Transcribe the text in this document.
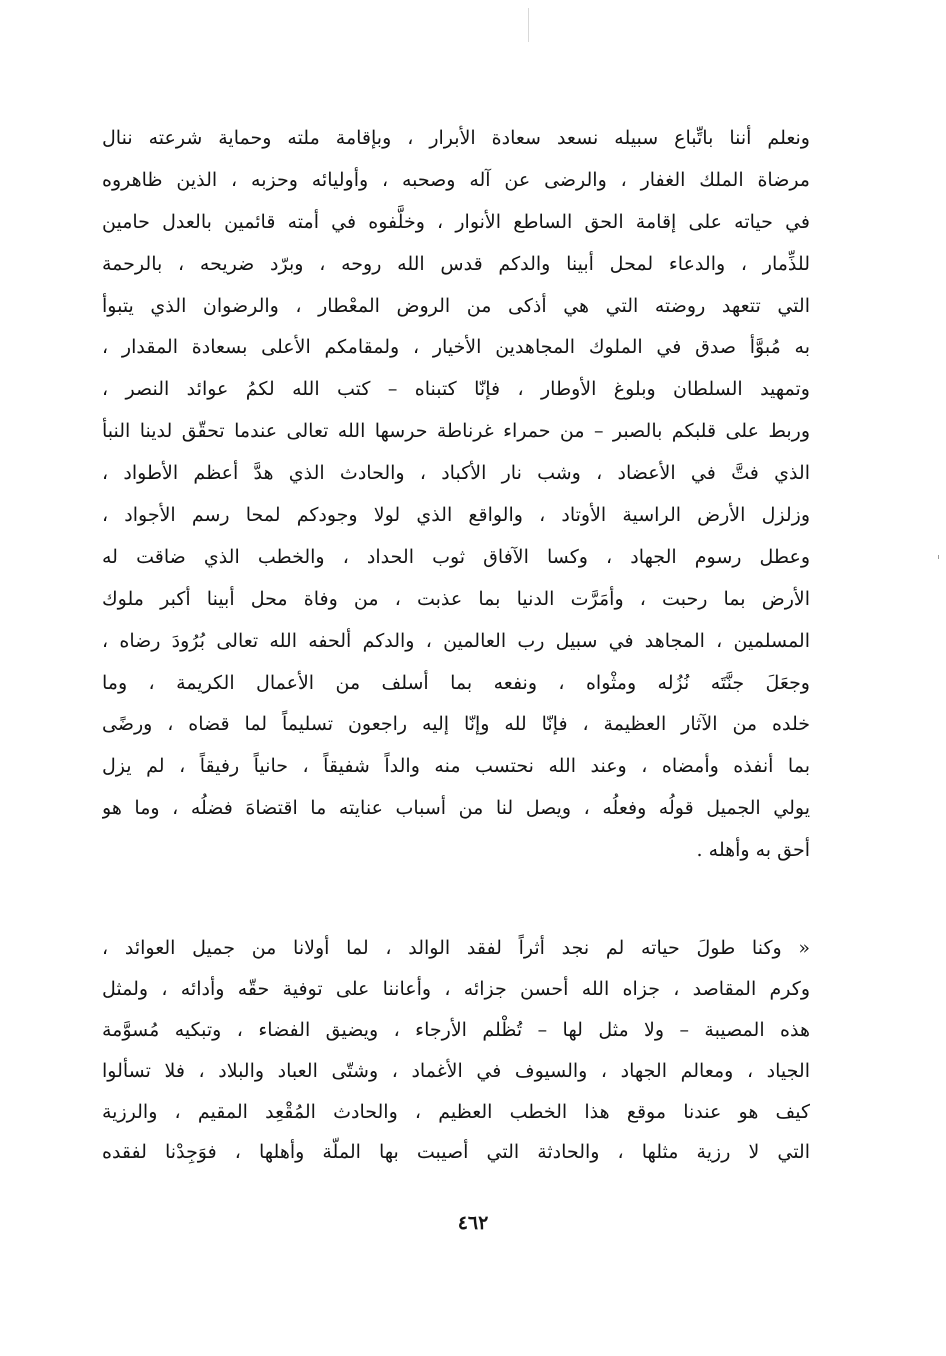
ونعلم أننا باتِّباع سبيله نسعد سعادة الأبرار ، وبإقامة ملته وحماية شرعته ننال
مرضاة الملك الغفار ، والرضى عن آله وصحبه ، وأوليائه وحزبه ، الذين ظاهروه
في حياته على إقامة الحق الساطع الأنوار ، وخلَّفوه في أمته قائمين بالعدل حامين
للذِّمار ، والدعاء لمحل أبينا والدكم قدس الله روحه ، وبرّد ضريحه ، بالرحمة
التي تتعهد روضته التي هي أذكى من الروض المعْطار ، والرضوان الذي يتبوأ
به مُبوَّأ صدق في الملوك المجاهدين الأخيار ، ولمقامكم الأعلى بسعادة المقدار ،
وتمهيد السلطان وبلوغ الأوطار ، فإنّا كتبناه – كتب الله لكمُ عوائد النصر ،
وربط على قلبكم بالصبر – من حمراء غرناطة حرسها الله تعالى عندما تحقّق لدينا النبأ
الذي فتَّ في الأعضاد ، وشب نار الأكباد ، والحادث الذي هدَّ أعظم الأطواد ،
وزلزل الأرض الراسية الأوتاد ، والواقع الذي لولا وجودكم لمحا رسم الأجواد ،
وعطل رسوم الجهاد ، وكسا الآفاق ثوب الحداد ، والخطب الذي ضاقت له
الأرض بما رحبت ، وأمَرَّت الدنيا بما عذبت ، من وفاة محل أبينا أكبر ملوك
المسلمين ، المجاهد في سبيل رب العالمين ، والدكم ألحفه الله تعالى بُرُودَ رضاه ،
وجعَلَ جنَّتَه نُزُله ومثْواه ، ونفعه بما أسلف من الأعمال الكريمة ، وما
خلده من الآثار العظيمة ، فإنّا لله وإنّا إليه راجعون تسليماً لما قضاه ، ورضًى
بما أنفذه وأمضاه ، وعند الله نحتسب منه والداً شفيقاً ، حانياً رفيقاً ، لم يزل
يولي الجميل قولُه وفعلُه ، ويصل لنا من أسباب عنايته ما اقتضاهَ فضلُه ، وما هو
أحق به وأهله .
« وكنا طولَ حياته لم نجد أثراً لفقد الوالد ، لما أولانا من جميل العوائد ،
وكرم المقاصد ، جزاه الله أحسن جزائه ، وأعاننا على توفية حقّه وأدائه ، ولمثل
هذه المصيبة – ولا مثل لها – تُظْلم الأرجاء ، ويضيق الفضاء ، وتبكيه مُسوَّمة
الجياد ، ومعالم الجهاد ، والسيوف في الأغماد ، وشتّى العباد والبلاد ، فلا تسألوا
كيف هو عندنا موقع هذا الخطب العظيم ، والحادث المُقْعِد المقيم ، والرزية
التي لا رزية مثلها ، والحادثة التي أصيبت بها الملّة وأهلها ، فوَجِدْنا لفقده
٤٦٢
